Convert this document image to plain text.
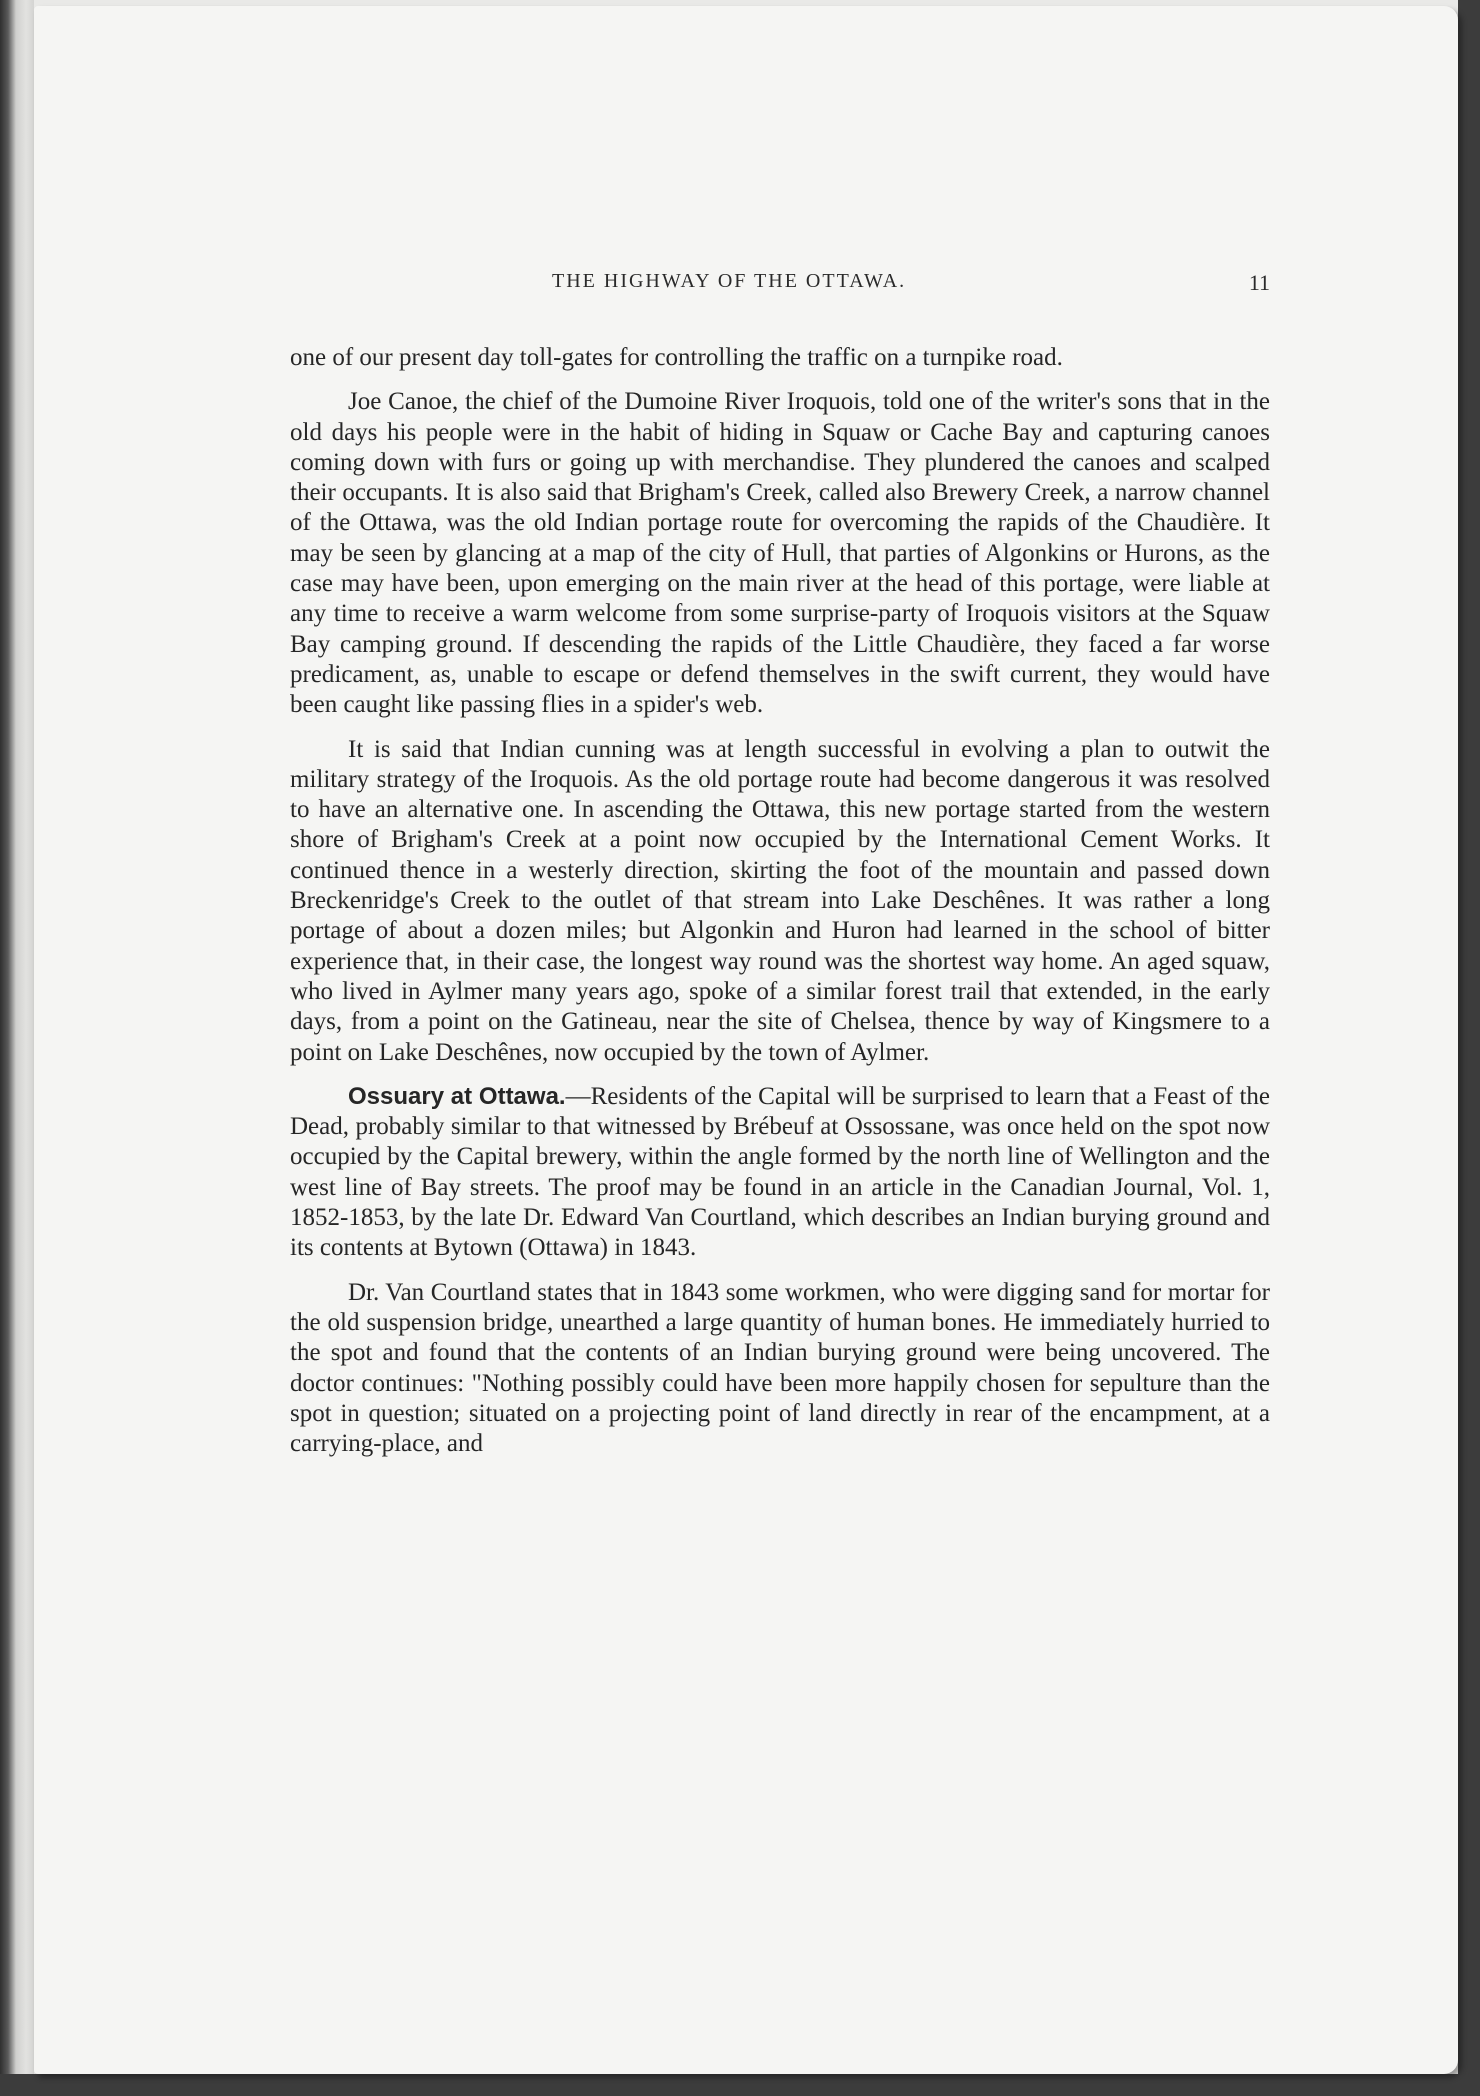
THE HIGHWAY OF THE OTTAWA.	11

one of our present day toll-gates for controlling the traffic on a turnpike road.

Joe Canoe, the chief of the Dumoine River Iroquois, told one of the writer's sons that in the old days his people were in the habit of hiding in Squaw or Cache Bay and capturing canoes coming down with furs or going up with merchandise. They plundered the canoes and scalped their occupants. It is also said that Brigham's Creek, called also Brewery Creek, a narrow channel of the Ottawa, was the old Indian portage route for overcoming the rapids of the Chaudière. It may be seen by glancing at a map of the city of Hull, that parties of Algonkins or Hurons, as the case may have been, upon emerging on the main river at the head of this portage, were liable at any time to receive a warm welcome from some surprise-party of Iroquois visitors at the Squaw Bay camping ground. If descending the rapids of the Little Chaudière, they faced a far worse predicament, as, unable to escape or defend themselves in the swift current, they would have been caught like passing flies in a spider's web.

It is said that Indian cunning was at length successful in evolving a plan to outwit the military strategy of the Iroquois. As the old portage route had become dangerous it was resolved to have an alternative one. In ascending the Ottawa, this new portage started from the western shore of Brigham's Creek at a point now occupied by the International Cement Works. It continued thence in a westerly direction, skirting the foot of the mountain and passed down Breckenridge's Creek to the outlet of that stream into Lake Deschênes. It was rather a long portage of about a dozen miles; but Algonkin and Huron had learned in the school of bitter experience that, in their case, the longest way round was the shortest way home. An aged squaw, who lived in Aylmer many years ago, spoke of a similar forest trail that extended, in the early days, from a point on the Gatineau, near the site of Chelsea, thence by way of Kingsmere to a point on Lake Deschênes, now occupied by the town of Aylmer.

Ossuary at Ottawa.—Residents of the Capital will be surprised to learn that a Feast of the Dead, probably similar to that witnessed by Brébeuf at Ossossane, was once held on the spot now occupied by the Capital brewery, within the angle formed by the north line of Wellington and the west line of Bay streets. The proof may be found in an article in the Canadian Journal, Vol. 1, 1852-1853, by the late Dr. Edward Van Courtland, which describes an Indian burying ground and its contents at Bytown (Ottawa) in 1843.

Dr. Van Courtland states that in 1843 some workmen, who were digging sand for mortar for the old suspension bridge, unearthed a large quantity of human bones. He immediately hurried to the spot and found that the contents of an Indian burying ground were being uncovered. The doctor continues: "Nothing possibly could have been more happily chosen for sepulture than the spot in question; situated on a projecting point of land directly in rear of the encampment, at a carrying-place, and
